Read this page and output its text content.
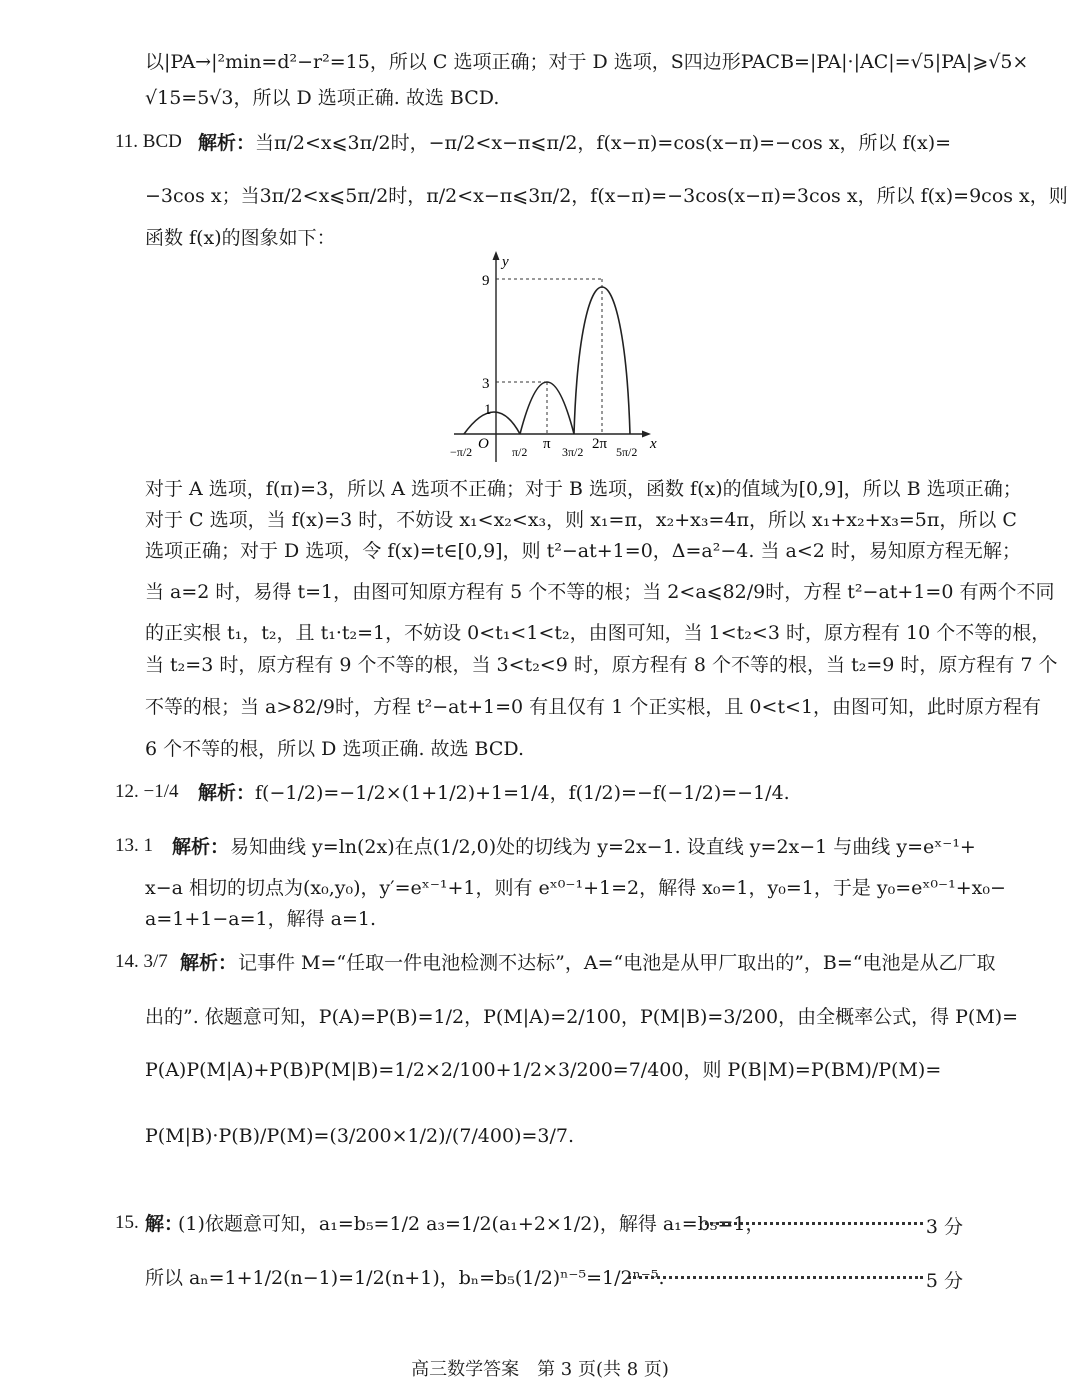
以|PA→|²min=d²−r²=15，所以 C 选项正确；对于 D 选项，S四边形PACB=|PA|·|AC|=√5|PA|⩾√5×
√15=5√3，所以 D 选项正确. 故选 BCD.
11. BCD 解析： 当π/2<x⩽3π/2时，−π/2<x−π⩽π/2，f(x−π)=cos(x−π)=−cos x，所以 f(x)=
−3cos x；当3π/2<x⩽5π/2时，π/2<x−π⩽3π/2，f(x−π)=−3cos(x−π)=3cos x，所以 f(x)=9cos x，则
函数 f(x)的图象如下：
y
x
O
9
3
1
−π/2	π/2 π 3π/2 2π 5π/2
对于 A 选项，f(π)=3，所以 A 选项不正确；对于 B 选项，函数 f(x)的值域为[0,9]，所以 B 选项正确；
对于 C 选项，当 f(x)=3 时，不妨设 x₁<x₂<x₃，则 x₁=π，x₂+x₃=4π，所以 x₁+x₂+x₃=5π，所以 C
选项正确；对于 D 选项，令 f(x)=t∈[0,9]，则 t²−at+1=0，Δ=a²−4. 当 a<2 时，易知原方程无解；
当 a=2 时，易得 t=1，由图可知原方程有 5 个不等的根；当 2<a⩽82/9时，方程 t²−at+1=0 有两个不同
的正实根 t₁，t₂，且 t₁·t₂=1，不妨设 0<t₁<1<t₂，由图可知，当 1<t₂<3 时，原方程有 10 个不等的根，
当 t₂=3 时，原方程有 9 个不等的根，当 3<t₂<9 时，原方程有 8 个不等的根，当 t₂=9 时，原方程有 7 个
不等的根；当 a>82/9时，方程 t²−at+1=0 有且仅有 1 个正实根，且 0<t<1，由图可知，此时原方程有
6 个不等的根，所以 D 选项正确. 故选 BCD.
12. −1/4 解析： f(−1/2)=−1/2×(1+1/2)+1=1/4，f(1/2)=−f(−1/2)=−1/4.
13. 1 解析： 易知曲线 y=ln(2x)在点(1/2,0)处的切线为 y=2x−1. 设直线 y=2x−1 与曲线 y=eˣ⁻¹+
x−a 相切的切点为(x₀,y₀)，y′=eˣ⁻¹+1，则有 eˣ⁰⁻¹+1=2，解得 x₀=1，y₀=1，于是 y₀=eˣ⁰⁻¹+x₀−
a=1+1−a=1，解得 a=1.
14. 3/7 解析： 记事件 M=“任取一件电池检测不达标”，A=“电池是从甲厂取出的”，B=“电池是从乙厂取
出的”. 依题意可知，P(A)=P(B)=1/2，P(M|A)=2/100，P(M|B)=3/200，由全概率公式，得 P(M)=
P(A)P(M|A)+P(B)P(M|B)=1/2×2/100+1/2×3/200=7/400，则 P(B|M)=P(BM)/P(M)=
P(M|B)·P(B)/P(M)=(3/200×1/2)/(7/400)=3/7.
15. 解：
(1)依题意可知，a₁=b₅=1/2 a₃=1/2(a₁+2×1/2)，解得 a₁=b₅=1，	3 分
所以 aₙ=1+1/2(n−1)=1/2(n+1)，bₙ=b₅(1/2)ⁿ⁻⁵=1/2ⁿ⁻⁵.	5 分
高三数学答案　第 3 页(共 8 页)
